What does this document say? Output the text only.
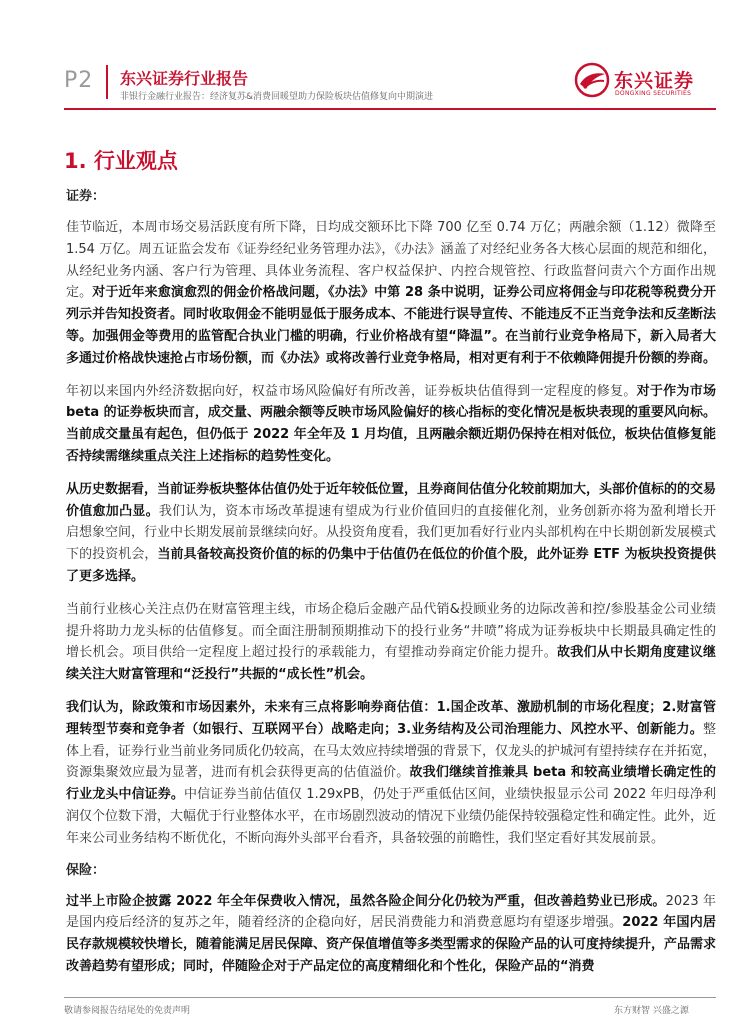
P2 东兴证券行业报告
非银行金融行业报告：经济复苏&消费回暖望助力保险板块估值修复向中期演进
东兴证券
DONGXING SECURITIES
1. 行业观点
证券：
佳节临近，本周市场交易活跃度有所下降，日均成交额环比下降 700 亿至 0.74 万亿；两融余额（1.12）微降至 1.54 万亿。周五证监会发布《证券经纪业务管理办法》，《办法》涵盖了对经纪业务各大核心层面的规范和细化，从经纪业务内涵、客户行为管理、具体业务流程、客户权益保护、内控合规管控、行政监督问责六个方面作出规定。对于近年来愈演愈烈的佣金价格战问题，《办法》中第 28 条中说明，证券公司应将佣金与印花税等税费分开列示并告知投资者。同时收取佣金不能明显低于服务成本、不能进行误导宣传、不能违反不正当竞争法和反垄断法等。加强佣金等费用的监管配合执业门槛的明确，行业价格战有望“降温”。在当前行业竞争格局下，新入局者大多通过价格战快速抢占市场份额，而《办法》或将改善行业竞争格局，相对更有利于不依赖降佣提升份额的券商。
年初以来国内外经济数据向好，权益市场风险偏好有所改善，证券板块估值得到一定程度的修复。对于作为市场 beta 的证券板块而言，成交量、两融余额等反映市场风险偏好的核心指标的变化情况是板块表现的重要风向标。当前成交量虽有起色，但仍低于 2022 年全年及 1 月均值，且两融余额近期仍保持在相对低位，板块估值修复能否持续需继续重点关注上述指标的趋势性变化。
从历史数据看，当前证券板块整体估值仍处于近年较低位置，且券商间估值分化较前期加大，头部价值标的的交易价值愈加凸显。我们认为，资本市场改革提速有望成为行业价值回归的直接催化剂，业务创新亦将为盈利增长开启想象空间，行业中长期发展前景继续向好。从投资角度看，我们更加看好行业内头部机构在中长期创新发展模式下的投资机会，当前具备较高投资价值的标的仍集中于估值仍在低位的价值个股，此外证券 ETF 为板块投资提供了更多选择。
当前行业核心关注点仍在财富管理主线，市场企稳后金融产品代销&投顾业务的边际改善和控/参股基金公司业绩提升将助力龙头标的估值修复。而全面注册制预期推动下的投行业务“井喷”将成为证券板块中长期最具确定性的增长机会。项目供给一定程度上超过投行的承载能力，有望推动券商定价能力提升。故我们从中长期角度建议继续关注大财富管理和“泛投行”共振的“成长性”机会。
我们认为，除政策和市场因素外，未来有三点将影响券商估值：1.国企改革、激励机制的市场化程度；2.财富管理转型节奏和竞争者（如银行、互联网平台）战略走向；3.业务结构及公司治理能力、风控水平、创新能力。整体上看，证券行业当前业务同质化仍较高，在马太效应持续增强的背景下，仅龙头的护城河有望持续存在并拓宽，资源集聚效应最为显著，进而有机会获得更高的估值溢价。故我们继续首推兼具 beta 和较高业绩增长确定性的行业龙头中信证券。中信证券当前估值仅 1.29xPB，仍处于严重低估区间，业绩快报显示公司 2022 年归母净利润仅个位数下滑，大幅优于行业整体水平，在市场剧烈波动的情况下业绩仍能保持较强稳定性和确定性。此外，近年来公司业务结构不断优化，不断向海外头部平台看齐，具备较强的前瞻性，我们坚定看好其发展前景。
保险：
过半上市险企披露 2022 年全年保费收入情况，虽然各险企间分化仍较为严重，但改善趋势业已形成。2023 年是国内疫后经济的复苏之年，随着经济的企稳向好，居民消费能力和消费意愿均有望逐步增强。2022 年国内居民存款规模较快增长，随着能满足居民保障、资产保值增值等多类型需求的保险产品的认可度持续提升，产品需求改善趋势有望形成；同时，伴随险企对于产品定位的高度精细化和个性化，保险产品的“消费
敬请参阅报告结尾处的免责声明	东方财智 兴盛之源
